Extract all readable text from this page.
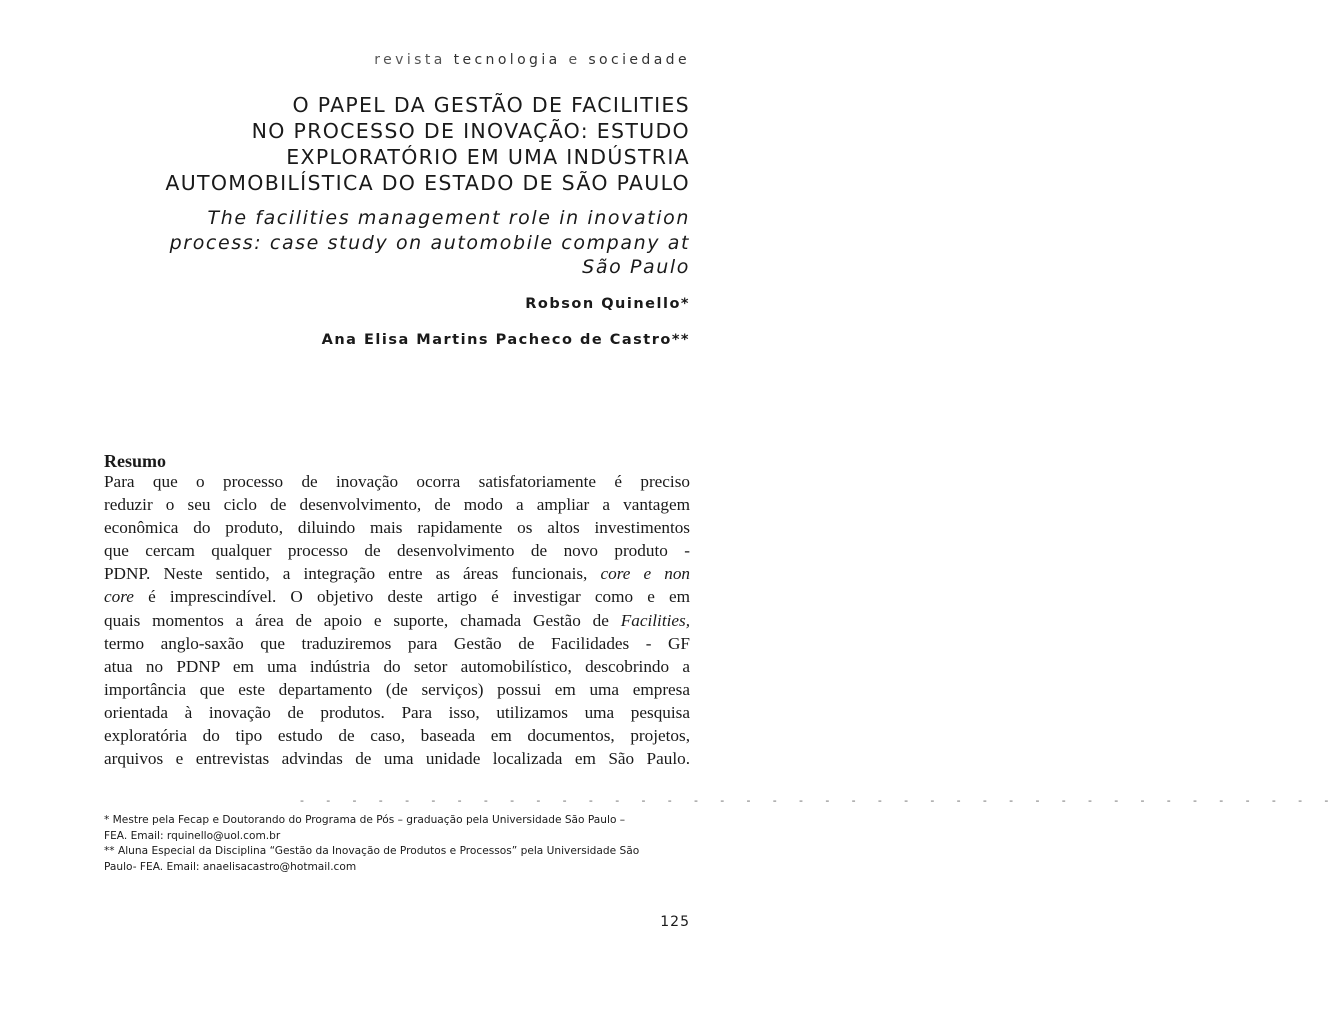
revista tecnologia e sociedade
O PAPEL DA GESTÃO DE FACILITIES
NO PROCESSO DE INOVAÇÃO: ESTUDO
EXPLORATÓRIO EM UMA INDÚSTRIA
AUTOMOBILÍSTICA DO ESTADO DE SÃO PAULO
The facilities management role in inovation
process: case study on automobile company at
São Paulo
Robson Quinello*
Ana Elisa Martins Pacheco de Castro**
Resumo
Para que o processo de inovação ocorra satisfatoriamente é preciso
reduzir o seu ciclo de desenvolvimento, de modo a ampliar a vantagem
econômica do produto, diluindo mais rapidamente os altos investimentos
que cercam qualquer processo de desenvolvimento de novo produto -
PDNP. Neste sentido, a integração entre as áreas funcionais, core e non
core é imprescindível. O objetivo deste artigo é investigar como e em
quais momentos a área de apoio e suporte, chamada Gestão de Facilities,
termo anglo-saxão que traduziremos para Gestão de Facilidades - GF
atua no PDNP em uma indústria do setor automobilístico, descobrindo a
importância que este departamento (de serviços) possui em uma empresa
orientada à inovação de produtos. Para isso, utilizamos uma pesquisa
exploratória do tipo estudo de caso, baseada em documentos, projetos,
arquivos e entrevistas advindas de uma unidade localizada em São Paulo.
- - - - - - - - - - - - - - - - - - - - - - - - - - - - - - - - - - - - - - - -
* Mestre pela Fecap e Doutorando do Programa de Pós – graduação pela Universidade São Paulo –
FEA. Email: rquinello@uol.com.br
** Aluna Especial da Disciplina “Gestão da Inovação de Produtos e Processos” pela Universidade São
Paulo- FEA. Email: anaelisacastro@hotmail.com
125
